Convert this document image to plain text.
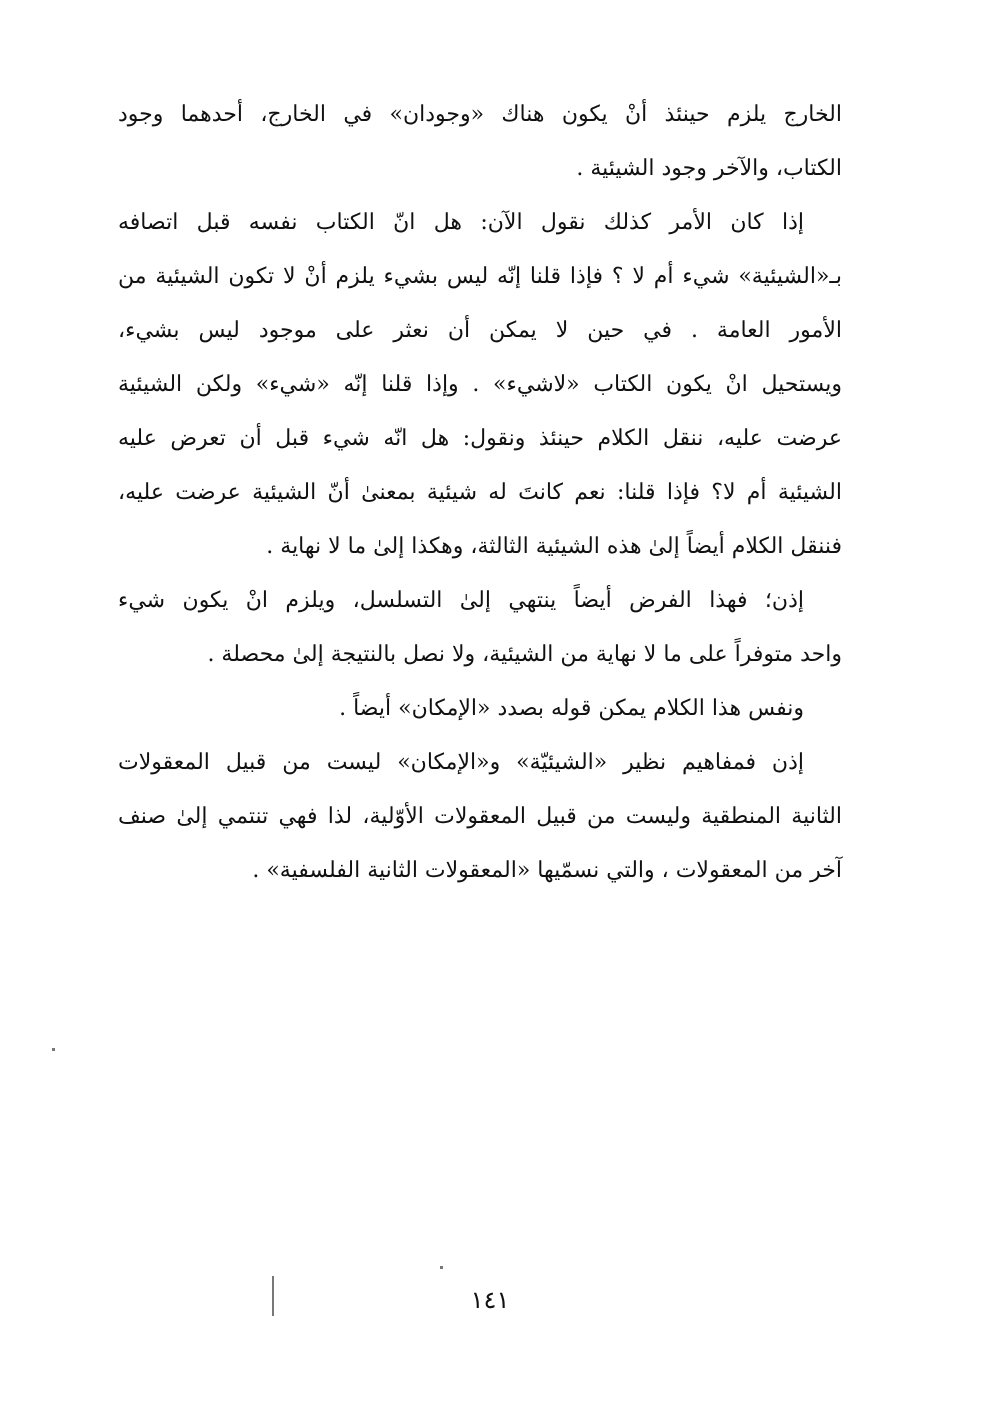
الخارج يلزم حينئذ أنْ يكون هناك «وجودان» في الخارج، أحدهما وجود
الكتاب، والآخر وجود الشيئية .
إذا كان الأمر كذلك نقول الآن: هل انّ الكتاب نفسه قبل اتصافه
بـ«الشيئية» شيء أم لا ؟ فإذا قلنا إنّه ليس بشيء يلزم أنْ لا تكون الشيئية من
الأمور العامة . في حين لا يمكن أن نعثر على موجود ليس بشيء،
ويستحيل انْ يكون الكتاب «لاشيء» . وإذا قلنا إنّه «شيء» ولكن الشيئية
عرضت عليه، ننقل الكلام حينئذ ونقول: هل انّه شيء قبل أن تعرض عليه
الشيئية أم لا؟ فإذا قلنا: نعم كانتَ له شيئية بمعنىٰ أنّ الشيئية عرضت عليه،
فننقل الكلام أيضاً إلىٰ هذه الشيئية الثالثة، وهكذا إلىٰ ما لا نهاية .
إذن؛ فهذا الفرض أيضاً ينتهي إلىٰ التسلسل، ويلزم انْ يكون شيء
واحد متوفراً على ما لا نهاية من الشيئية، ولا نصل بالنتيجة إلىٰ محصلة .
ونفس هذا الكلام يمكن قوله بصدد «الإمكان» أيضاً .
إذن فمفاهيم نظير «الشيئيّة» و«الإمكان» ليست من قبيل المعقولات
الثانية المنطقية وليست من قبيل المعقولات الأوّلية، لذا فهي تنتمي إلىٰ صنف
آخر من المعقولات ، والتي نسمّيها «المعقولات الثانية الفلسفية» .
١٤١
